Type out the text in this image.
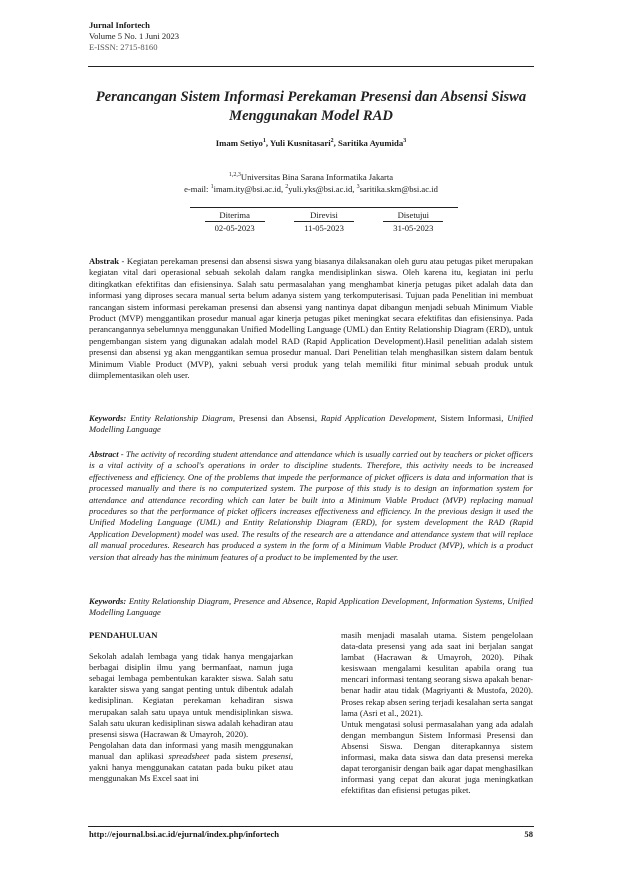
Jurnal Infortech
Volume 5 No. 1 Juni 2023
E-ISSN: 2715-8160
Perancangan Sistem Informasi Perekaman Presensi dan Absensi Siswa
Menggunakan Model RAD
Imam Setiyo$^1$, Yuli Kusnitasari$^2$, Saritika Ayumida$^3$
$^{1,2,3}$Universitas Bina Sarana Informatika Jakarta
e-mail: $^1$imam.ity@bsi.ac.id, $^2$yuli.yks@bsi.ac.id, $^3$saritika.skm@bsi.ac.id
Diterima	Direvisi	Disetujui
02-05-2023	11-05-2023	31-05-2023
Abstrak - Kegiatan perekaman presensi dan absensi siswa yang biasanya dilaksanakan oleh guru atau petugas piket merupakan kegiatan vital dari operasional sebuah sekolah dalam rangka mendisiplinkan siswa. Oleh karena itu, kegiatan ini perlu ditingkatkan efektifitas dan efisiensinya. Salah satu permasalahan yang menghambat kinerja petugas piket adalah data dan informasi yang diproses secara manual serta belum adanya sistem yang terkomputerisasi. Tujuan pada Penelitian ini membuat rancangan sistem informasi perekaman presensi dan absensi yang nantinya dapat dibangun menjadi sebuah Minimum Viable Product (MVP) menggantikan prosedur manual agar kinerja petugas piket meningkat secara efektifitas dan efisiensinya. Pada perancangannya sebelumnya menggunakan Unified Modelling Language (UML) dan Entity Relationship Diagram (ERD), untuk pengembangan sistem yang digunakan adalah model RAD (Rapid Application Development).Hasil penelitian adalah sistem presensi dan absensi yg akan menggantikan semua prosedur manual. Dari Penelitian telah menghasilkan sistem dalam bentuk Minimum Viable Product (MVP), yakni sebuah versi produk yang telah memiliki fitur minimal sebuah produk untuk diimplementasikan oleh user.
Keywords: Entity Relationship Diagram, Presensi dan Absensi, Rapid Application Development, Sistem Informasi, Unified Modelling Language
Abstract - The activity of recording student attendance and attendance which is usually carried out by teachers or picket officers is a vital activity of a school's operations in order to discipline students. Therefore, this activity needs to be increased effectiveness and efficiency. One of the problems that impede the performance of picket officers is data and information that is processed manually and there is no computerized system. The purpose of this study is to design an information system for attendance and attendance recording which can later be built into a Minimum Viable Product (MVP) replacing manual procedures so that the performance of picket officers increases effectiveness and efficiency. In the previous design it used the Unified Modeling Language (UML) and Entity Relationship Diagram (ERD), for system development the RAD (Rapid Application Development) model was used. The results of the research are a attendance and attendance system that will replace all manual procedures. Research has produced a system in the form of a Minimum Viable Product (MVP), which is a product version that already has the minimum features of a product to be implemented by the user.
Keywords: Entity Relationship Diagram, Presence and Absence, Rapid Application Development, Information Systems, Unified Modelling Language
PENDAHULUAN

Sekolah adalah lembaga yang tidak hanya mengajarkan berbagai disiplin ilmu yang bermanfaat, namun juga sebagai lembaga pembentukan karakter siswa. Salah satu karakter siswa yang sangat penting untuk dibentuk adalah kedisiplinan. Kegiatan perekaman kehadiran siswa merupakan salah satu upaya untuk mendisiplinkan siswa. Salah satu ukuran kedisiplinan siswa adalah kehadiran atau presensi siswa (Hacrawan & Umayroh, 2020).

Pengolahan data dan informasi yang masih menggunakan manual dan aplikasi spreadsheet pada sistem presensi, yakni hanya menggunakan catatan pada buku piket atau menggunakan Ms Excel saat ini

masih menjadi masalah utama. Sistem pengelolaan data-data presensi yang ada saat ini berjalan sangat lambat (Hacrawan & Umayroh, 2020). Pihak kesiswaan mengalami kesulitan apabila orang tua mencari informasi tentang seorang siswa apakah benar-benar hadir atau tidak (Magriyanti & Mustofa, 2020). Proses rekap absen sering terjadi kesalahan serta sangat lama (Asri et al., 2021).

Untuk mengatasi solusi permasalahan yang ada adalah dengan membangun Sistem Informasi Presensi dan Absensi Siswa. Dengan diterapkannya sistem informasi, maka data siswa dan data presensi mereka dapat terorganisir dengan baik agar dapat menghasilkan informasi yang cepat dan akurat juga meningkatkan efektifitas dan efisiensi petugas piket.

http://ejournal.bsi.ac.id/ejurnal/index.php/infortech	58
